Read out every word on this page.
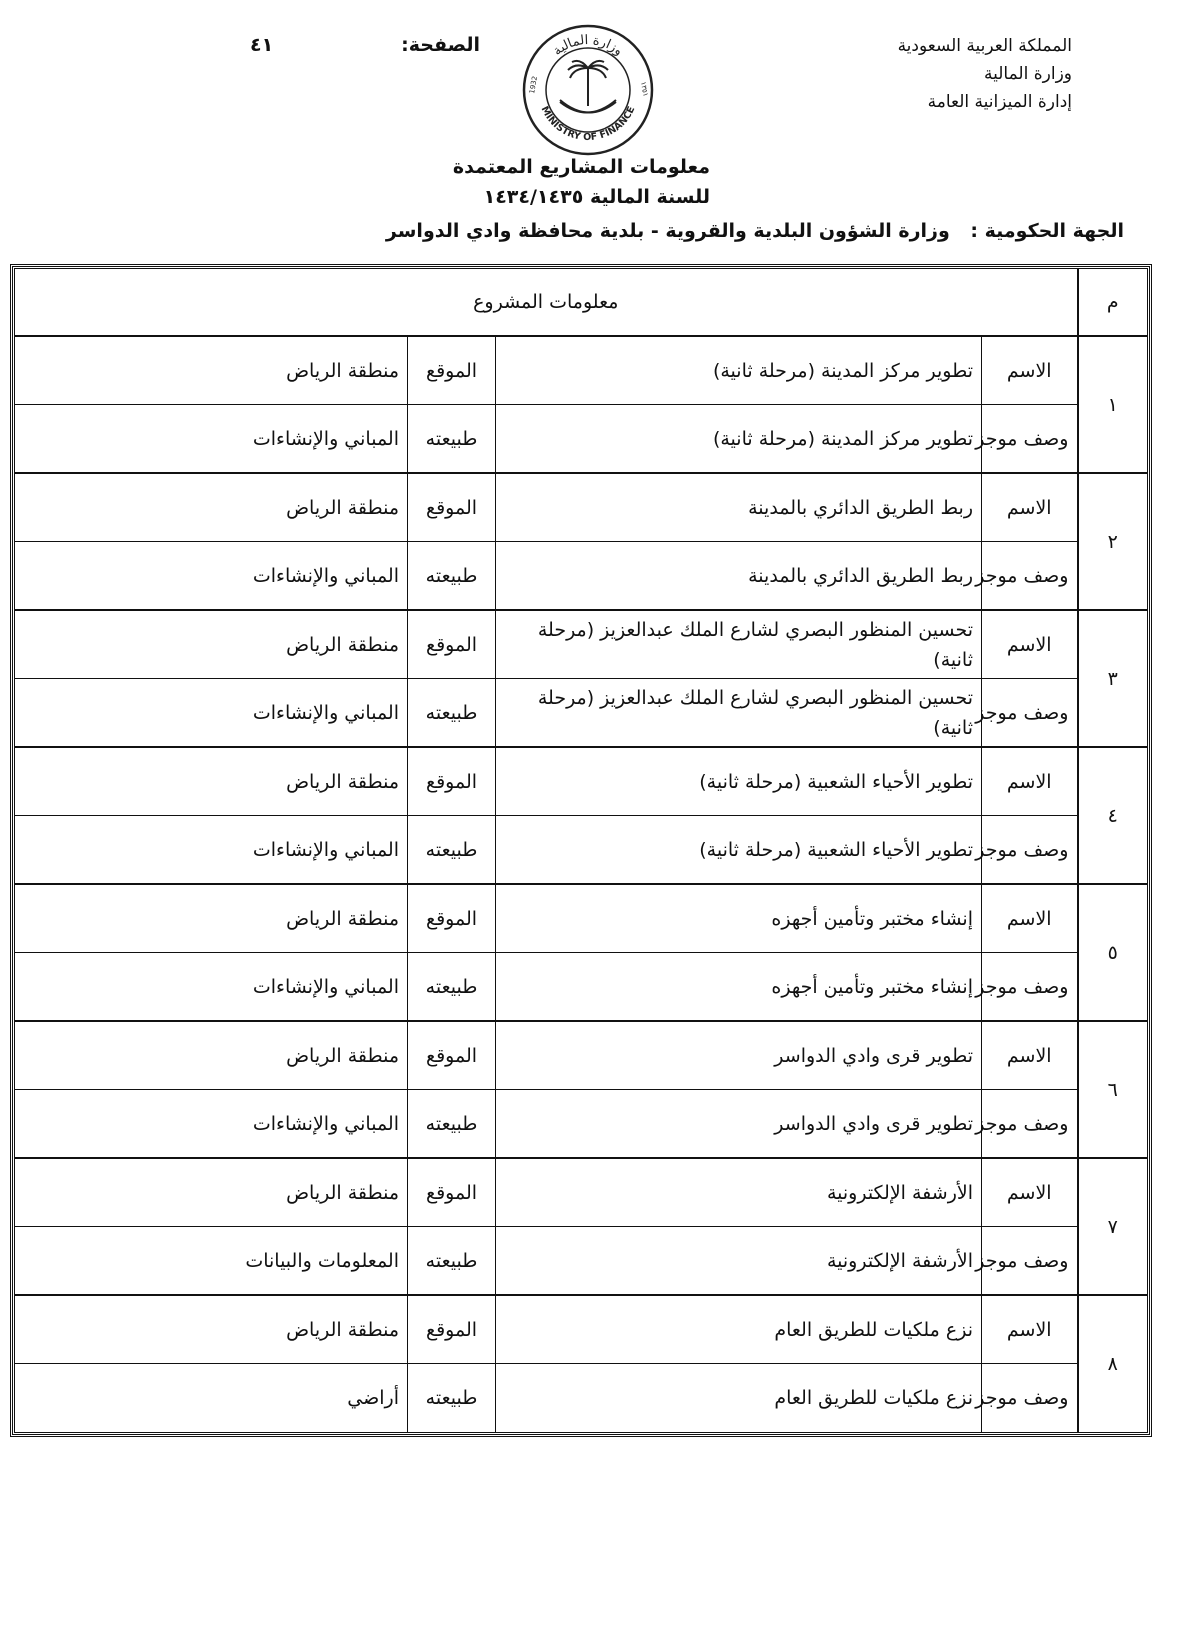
المملكة العربية السعودية
وزارة المالية
إدارة الميزانية العامة
الصفحة:
٤١	وزارة المالية
MINISTRY OF FINANCE
1932	١٣٥١
معلومات المشاريع المعتمدة
للسنة المالية ١٤٣٤/١٤٣٥
الجهة الحكومية : وزارة الشؤون البلدية والقروية - بلدية محافظة وادي الدواسر
م	معلومات المشروع			
١	الاسم	تطوير مركز المدينة (مرحلة ثانية)	الموقع	منطقة الرياض
	وصف موجز	تطوير مركز المدينة (مرحلة ثانية)	طبيعته	المباني والإنشاءات
٢	الاسم	ربط الطريق الدائري بالمدينة	الموقع	منطقة الرياض
	وصف موجز	ربط الطريق الدائري بالمدينة	طبيعته	المباني والإنشاءات
٣	الاسم	تحسين المنظور البصري لشارع الملك عبدالعزيز (مرحلة ثانية)	الموقع	منطقة الرياض
	وصف موجز	تحسين المنظور البصري لشارع الملك عبدالعزيز (مرحلة ثانية)	طبيعته	المباني والإنشاءات
٤	الاسم	تطوير الأحياء الشعبية (مرحلة ثانية)	الموقع	منطقة الرياض
	وصف موجز	تطوير الأحياء الشعبية (مرحلة ثانية)	طبيعته	المباني والإنشاءات
٥	الاسم	إنشاء مختبر وتأمين أجهزه	الموقع	منطقة الرياض
	وصف موجز	إنشاء مختبر وتأمين أجهزه	طبيعته	المباني والإنشاءات
٦	الاسم	تطوير قرى وادي الدواسر	الموقع	منطقة الرياض
	وصف موجز	تطوير قرى وادي الدواسر	طبيعته	المباني والإنشاءات
٧	الاسم	الأرشفة الإلكترونية	الموقع	منطقة الرياض
	وصف موجز	الأرشفة الإلكترونية	طبيعته	المعلومات والبيانات
٨	الاسم	نزع ملكيات للطريق العام	الموقع	منطقة الرياض
	وصف موجز	نزع ملكيات للطريق العام	طبيعته	أراضي
